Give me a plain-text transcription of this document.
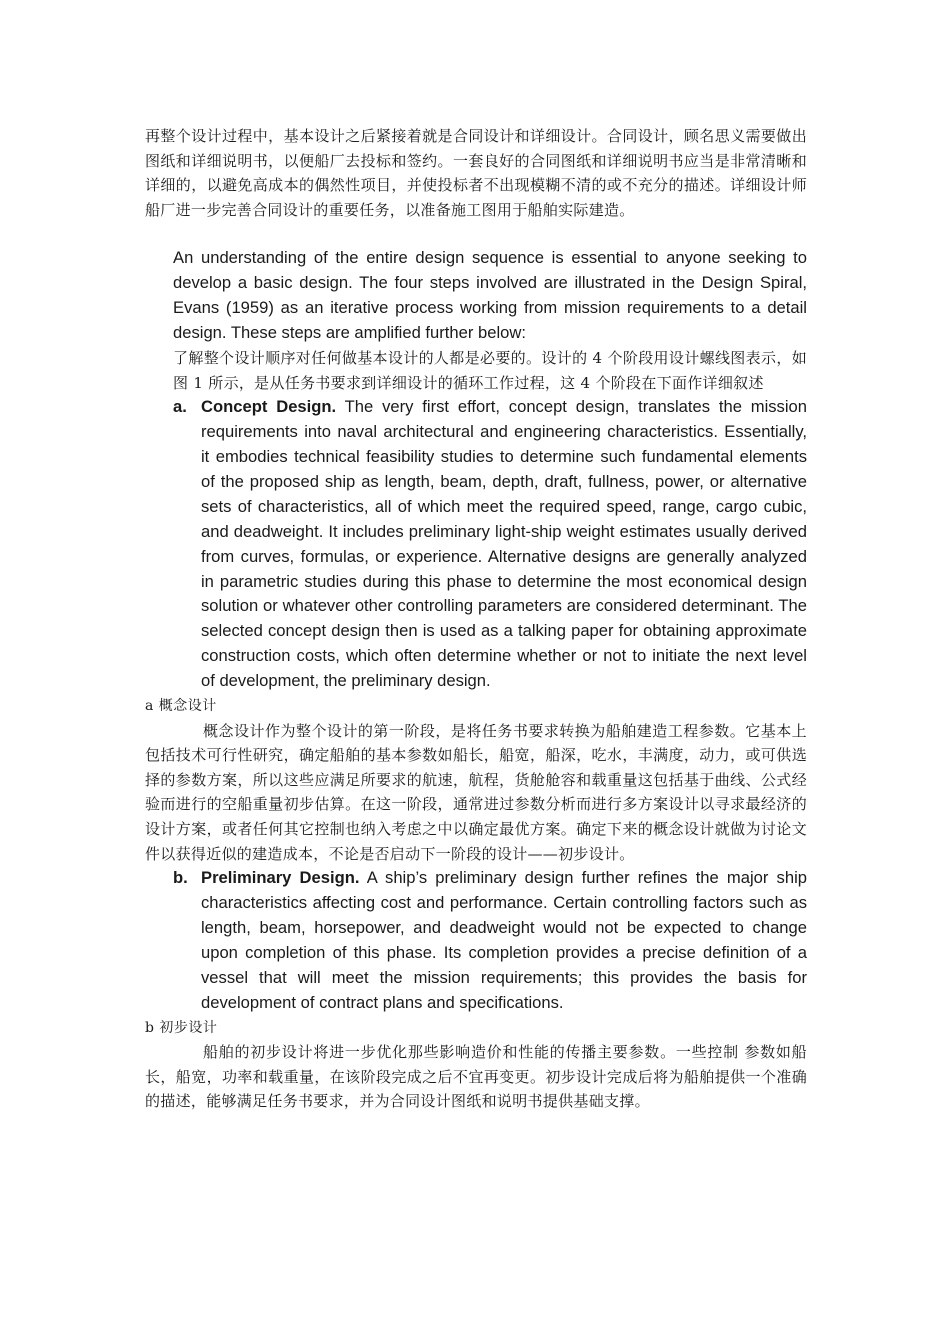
再整个设计过程中，基本设计之后紧接着就是合同设计和详细设计。合同设计，顾名思义需要做出图纸和详细说明书，以便船厂去投标和签约。一套良好的合同图纸和详细说明书应当是非常清晰和详细的，以避免高成本的偶然性项目，并使投标者不出现模糊不清的或不充分的描述。详细设计师船厂进一步完善合同设计的重要任务，以准备施工图用于船舶实际建造。

An understanding of the entire design sequence is essential to anyone seeking to develop a basic design. The four steps involved are illustrated in the Design Spiral, Evans (1959) as an iterative process working from mission requirements to a detail design. These steps are amplified further below:

了解整个设计顺序对任何做基本设计的人都是必要的。设计的 4 个阶段用设计螺线图表示，如图 1 所示，是从任务书要求到详细设计的循环工作过程，这 4 个阶段在下面作详细叙述

a. Concept Design. The very first effort, concept design, translates the mission requirements into naval architectural and engineering characteristics. Essentially, it embodies technical feasibility studies to determine such fundamental elements of the proposed ship as length, beam, depth, draft, fullness, power, or alternative sets of characteristics, all of which meet the required speed, range, cargo cubic, and deadweight. It includes preliminary light-ship weight estimates usually derived from curves, formulas, or experience. Alternative designs are generally analyzed in parametric studies during this phase to determine the most economical design solution or whatever other controlling parameters are considered determinant. The selected concept design then is used as a talking paper for obtaining approximate construction costs, which often determine whether or not to initiate the next level of development, the preliminary design.

a 概念设计

概念设计作为整个设计的第一阶段，是将任务书要求转换为船舶建造工程参数。它基本上包括技术可行性研究，确定船舶的基本参数如船长，船宽，船深，吃水，丰满度，动力，或可供选择的参数方案，所以这些应满足所要求的航速，航程，货舱舱容和载重量这包括基于曲线、公式经验而进行的空船重量初步估算。在这一阶段，通常进过参数分析而进行多方案设计以寻求最经济的设计方案，或者任何其它控制也纳入考虑之中以确定最优方案。确定下来的概念设计就做为讨论文件以获得近似的建造成本，不论是否启动下一阶段的设计——初步设计。

b. Preliminary Design. A ship’s preliminary design further refines the major ship characteristics affecting cost and performance. Certain controlling factors such as length, beam, horsepower, and deadweight would not be expected to change upon completion of this phase. Its completion provides a precise definition of a vessel that will meet the mission requirements; this provides the basis for development of contract plans and specifications.

b 初步设计

船舶的初步设计将进一步优化那些影响造价和性能的传播主要参数。一些控制 参数如船长，船宽，功率和载重量，在该阶段完成之后不宜再变更。初步设计完成后将为船舶提供一个准确的描述，能够满足任务书要求，并为合同设计图纸和说明书提供基础支撑。
